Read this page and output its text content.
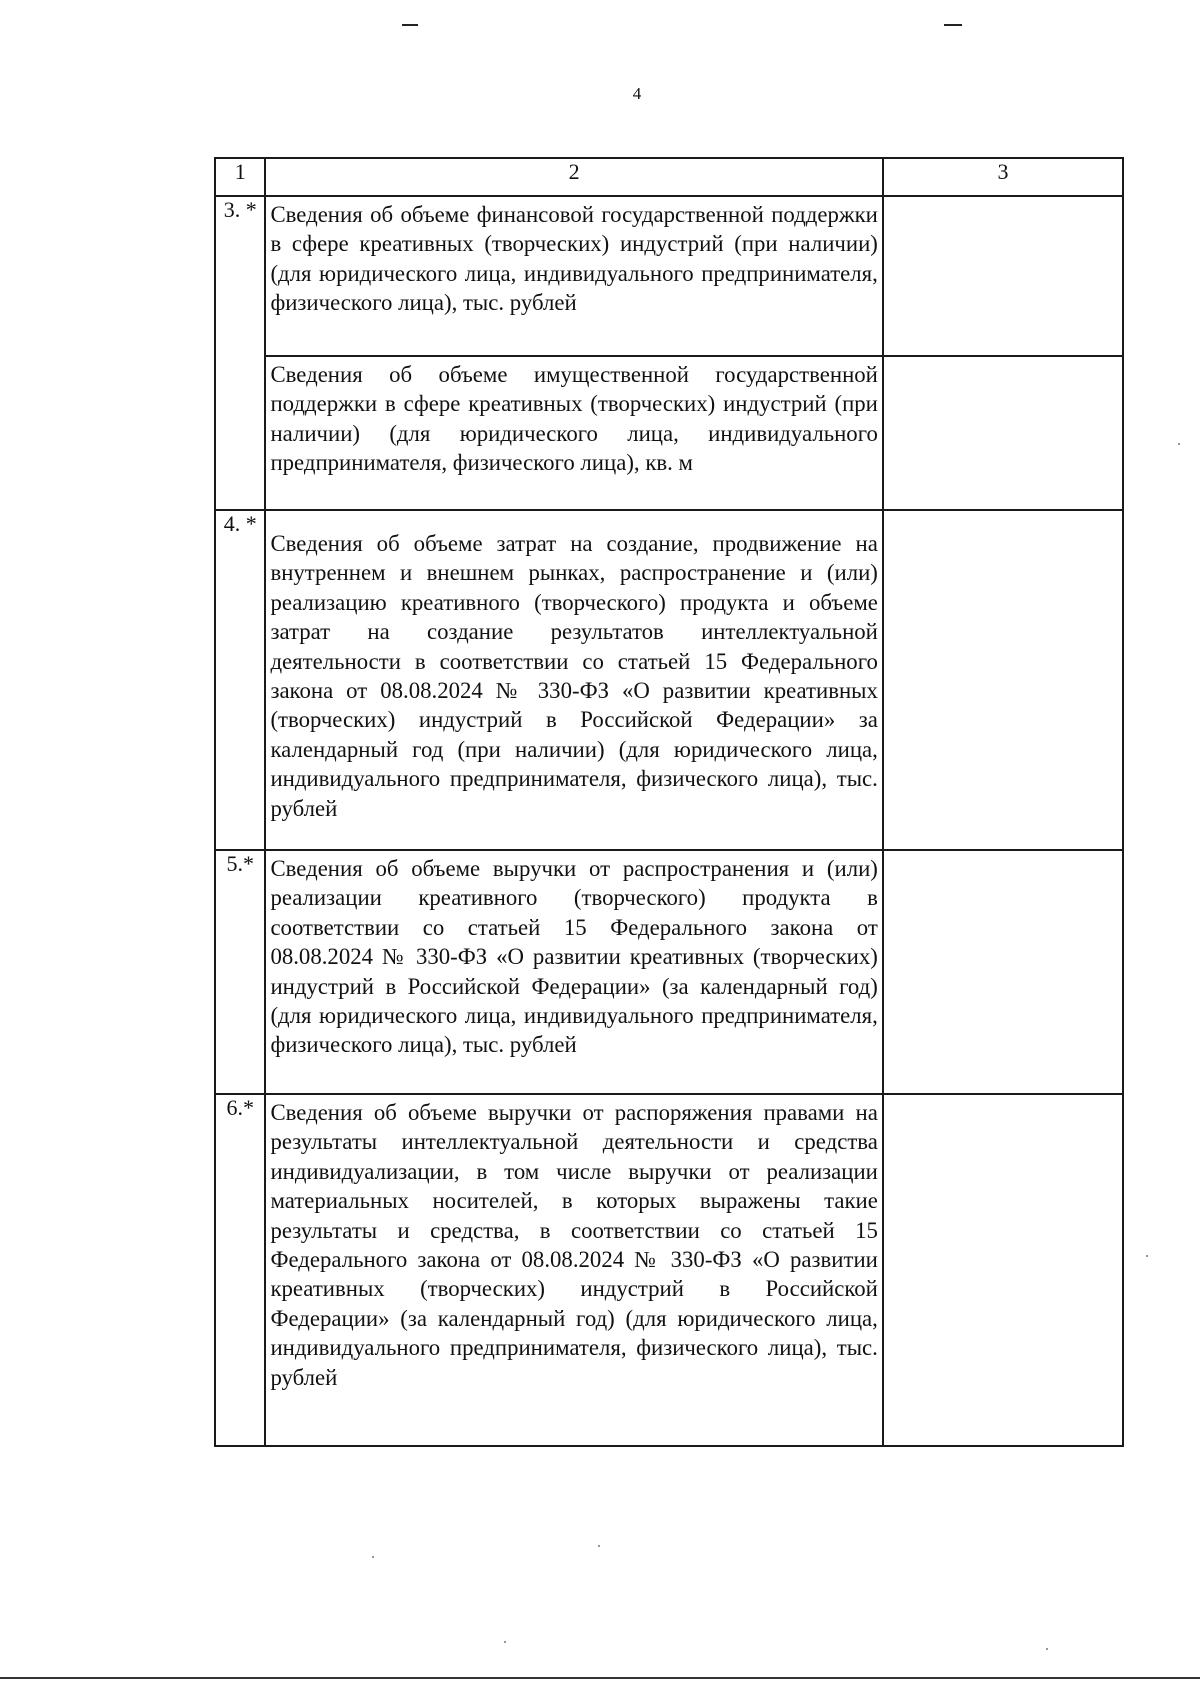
4
1	2	3
3. *	Сведения об объеме финансовой государственной поддержки в сфере креативных (творческих) индустрий (при наличии) (для юридического лица, индивидуального предпринимателя, физического лица), тыс. рублей	

	Сведения об объеме имущественной государственной поддержки в сфере креативных (творческих) индустрий (при наличии) (для юридического лица, индивидуального предпринимателя, физического лица), кв. м	

4. *	Сведения об объеме затрат на создание, продвижение на внутреннем и внешнем рынках, распространение и (или) реализацию креативного (творческого) продукта и объеме затрат на создание результатов интеллектуальной деятельности в соответствии со статьей 15 Федерального закона от 08.08.2024 № 330-ФЗ «О развитии креативных (творческих) индустрий в Российской Федерации» за календарный год (при наличии) (для юридического лица, индивидуального предпринимателя, физического лица), тыс. рублей	

5.*	Сведения об объеме выручки от распространения и (или) реализации креативного (творческого) продукта в соответствии со статьей 15 Федерального закона от 08.08.2024 № 330-ФЗ «О развитии креативных (творческих) индустрий в Российской Федерации» (за календарный год) (для юридического лица, индивидуального предпринимателя, физического лица), тыс. рублей	

6.*	Сведения об объеме выручки от распоряжения правами на результаты интеллектуальной деятельности и средства индивидуализации, в том числе выручки от реализации материальных носителей, в которых выражены такие результаты и средства, в соответствии со статьей 15 Федерального закона от 08.08.2024 № 330-ФЗ «О развитии креативных (творческих) индустрий в Российской Федерации» (за календарный год) (для юридического лица, индивидуального предпринимателя, физического лица), тыс. рублей	
